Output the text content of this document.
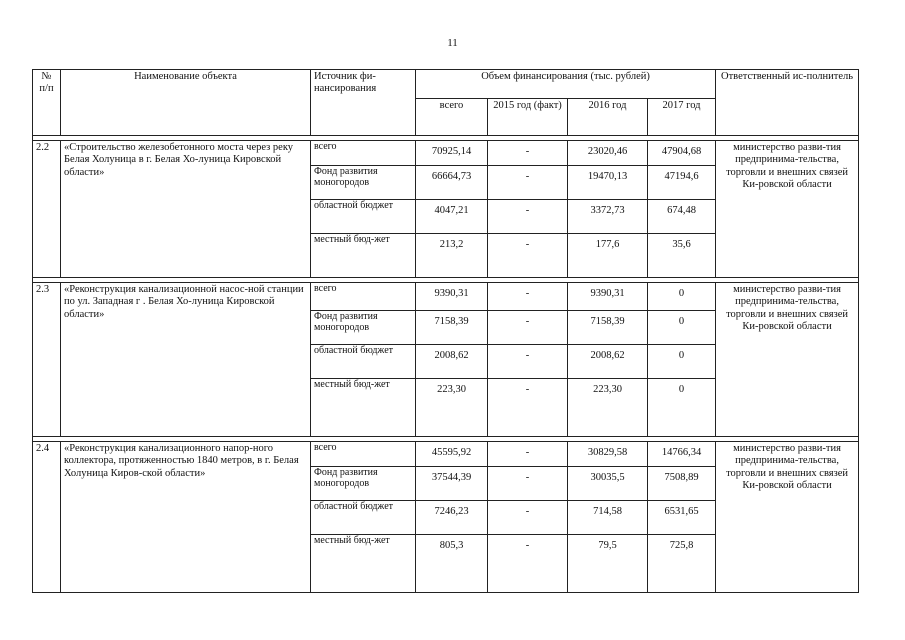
11
№ п/п	Наименование объекта	Источник фи-нансирования	Объем финансирования (тыс. рублей)				Ответственный ис-полнитель
			всего	2015 год (факт)	2016 год	2017 год	

2.2	«Строительство железобетонного моста через реку Белая Холуница в г. Белая Хо-луница Кировской области»	всего	70925,14	-	23020,46	47904,68	министерство разви-тия предпринима-тельства, торговли и внешних связей Ки-ровской области
		Фонд развития моногородов	66664,73	-	19470,13	47194,6	
		областной бюджет	4047,21	-	3372,73	674,48	
		местный бюд-жет	213,2	-	177,6	35,6	

2.3	«Реконструкция канализационной насос-ной станции по ул. Западная г . Белая Хо-луница Кировской области»	всего	9390,31	-	9390,31	0	министерство разви-тия предпринима-тельства, торговли и внешних связей Ки-ровской области
		Фонд развития моногородов	7158,39	-	7158,39	0	
		областной бюджет	2008,62	-	2008,62	0	
		местный бюд-жет	223,30	-	223,30	0	

2.4	«Реконструкция канализационного напор-ного коллектора, протяженностью 1840 метров, в г. Белая Холуница Киров-ской области»	всего	45595,92	-	30829,58	14766,34	министерство разви-тия предпринима-тельства, торговли и внешних связей Ки-ровской области
		Фонд развития моногородов	37544,39	-	30035,5	7508,89	
		областной бюджет	7246,23	-	714,58	6531,65	
		местный бюд-жет	805,3	-	79,5	725,8	
